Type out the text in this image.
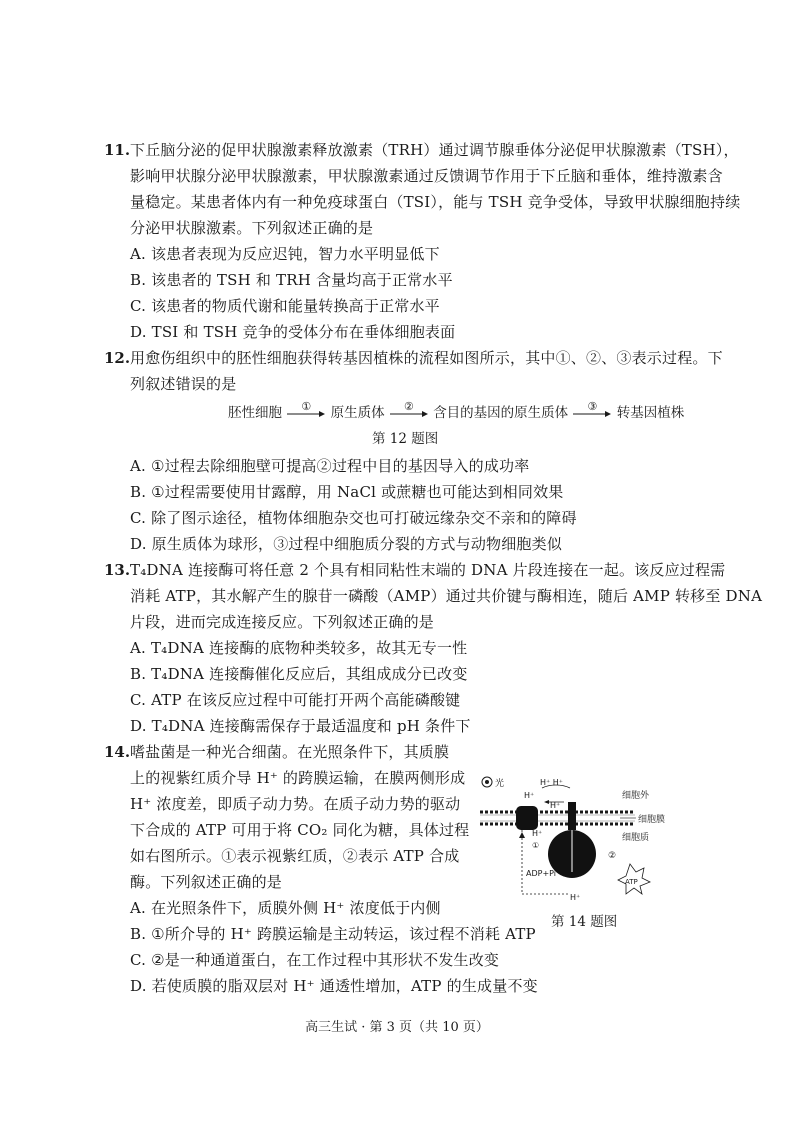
11. 下丘脑分泌的促甲状腺激素释放激素（TRH）通过调节腺垂体分泌促甲状腺激素（TSH），
影响甲状腺分泌甲状腺激素，甲状腺激素通过反馈调节作用于下丘脑和垂体，维持激素含
量稳定。某患者体内有一种免疫球蛋白（TSI），能与 TSH 竞争受体，导致甲状腺细胞持续
分泌甲状腺激素。下列叙述正确的是
A. 该患者表现为反应迟钝，智力水平明显低下
B. 该患者的 TSH 和 TRH 含量均高于正常水平
C. 该患者的物质代谢和能量转换高于正常水平
D. TSI 和 TSH 竞争的受体分布在垂体细胞表面
12. 用愈伤组织中的胚性细胞获得转基因植株的流程如图所示，其中①、②、③表示过程。下
列叙述错误的是
胚性细胞	①	原生质体	②	含目的基因的原生质体	③	转基因植株
第 12 题图
A. ①过程去除细胞壁可提高②过程中目的基因导入的成功率
B. ①过程需要使用甘露醇，用 NaCl 或蔗糖也可能达到相同效果
C. 除了图示途径，植物体细胞杂交也可打破远缘杂交不亲和的障碍
D. 原生质体为球形，③过程中细胞质分裂的方式与动物细胞类似
13. T₄DNA 连接酶可将任意 2 个具有相同粘性末端的 DNA 片段连接在一起。该反应过程需
消耗 ATP，其水解产生的腺苷一磷酸（AMP）通过共价键与酶相连，随后 AMP 转移至 DNA
片段，进而完成连接反应。下列叙述正确的是
A. T₄DNA 连接酶的底物种类较多，故其无专一性
B. T₄DNA 连接酶催化反应后，其组成成分已改变
C. ATP 在该反应过程中可能打开两个高能磷酸键
D. T₄DNA 连接酶需保存于最适温度和 pH 条件下
14. 嗜盐菌是一种光合细菌。在光照条件下，其质膜
上的视紫红质介导 H⁺ 的跨膜运输，在膜两侧形成
H⁺ 浓度差，即质子动力势。在质子动力势的驱动
下合成的 ATP 可用于将 CO₂ 同化为糖，具体过程
如右图所示。①表示视紫红质，②表示 ATP 合成
酶。下列叙述正确的是
A. 在光照条件下，质膜外侧 H⁺ 浓度低于内侧
B. ①所介导的 H⁺ 跨膜运输是主动转运，该过程不消耗 ATP
C. ②是一种通道蛋白，在工作过程中其形状不发生改变
D. 若使质膜的脂双层对 H⁺ 通透性增加，ATP 的生成量不变
光	H⁺ H⁺
H⁺
H⁺
H⁺
①
②
细胞外
细胞膜
细胞质
H⁺
ADP+Pi
ATP
第 14 题图
高三生试 · 第 3 页（共 10 页）
